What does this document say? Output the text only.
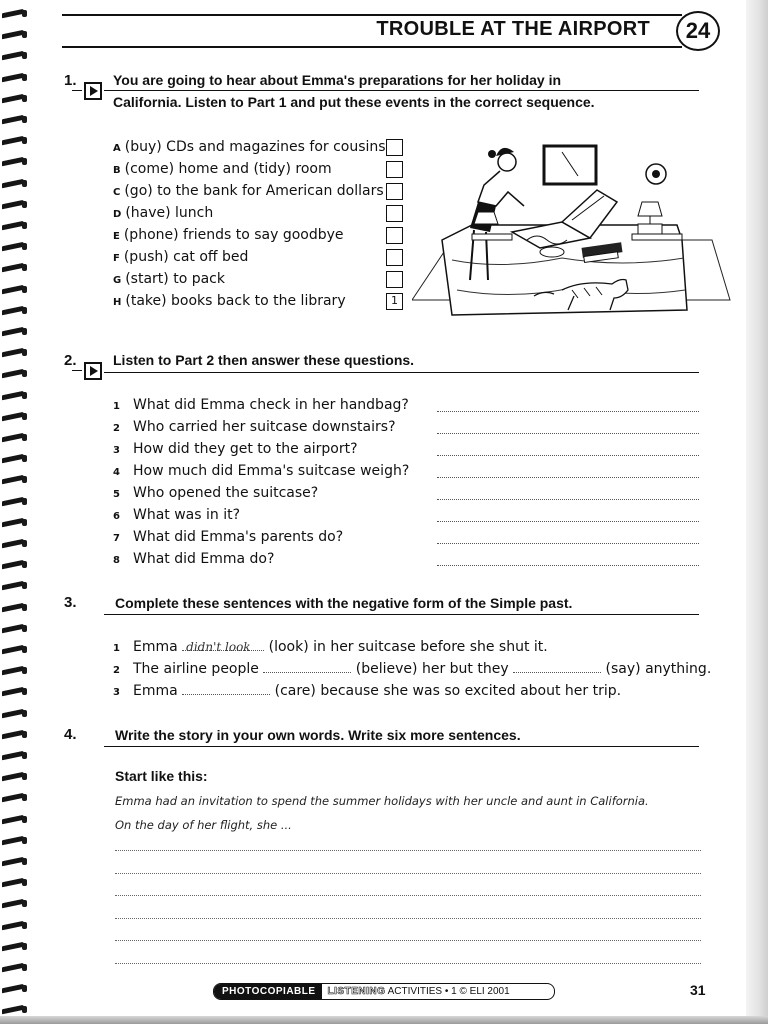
TROUBLE AT THE AIRPORT	24
1.	You are going to hear about Emma's preparations for her holiday in
California. Listen to Part 1 and put these events in the correct sequence.
A (buy) CDs and magazines for cousins
B (come) home and (tidy) room
C (go) to the bank for American dollars
D (have) lunch
E (phone) friends to say goodbye
F (push) cat off bed
G (start) to pack
H (take) books back to the library	1
2.	Listen to Part 2 then answer these questions.
1 What did Emma check in her handbag?
2 Who carried her suitcase downstairs?
3 How did they get to the airport?
4 How much did Emma's suitcase weigh?
5 Who opened the suitcase?
6 What was in it?
7 What did Emma's parents do?
8 What did Emma do?
3.	Complete these sentences with the negative form of the Simple past.
1 Emma didn't look (look) in her suitcase before she shut it.
2 The airline people	(believe) her but they	(say) anything.
3 Emma	(care) because she was so excited about her trip.
4.	Write the story in your own words. Write six more sentences.
Start like this:
Emma had an invitation to spend the summer holidays with her uncle and aunt in California.
On the day of her flight, she ...
PHOTOCOPIABLE	LISTENING ACTIVITIES • 1 © ELI 2001	31
